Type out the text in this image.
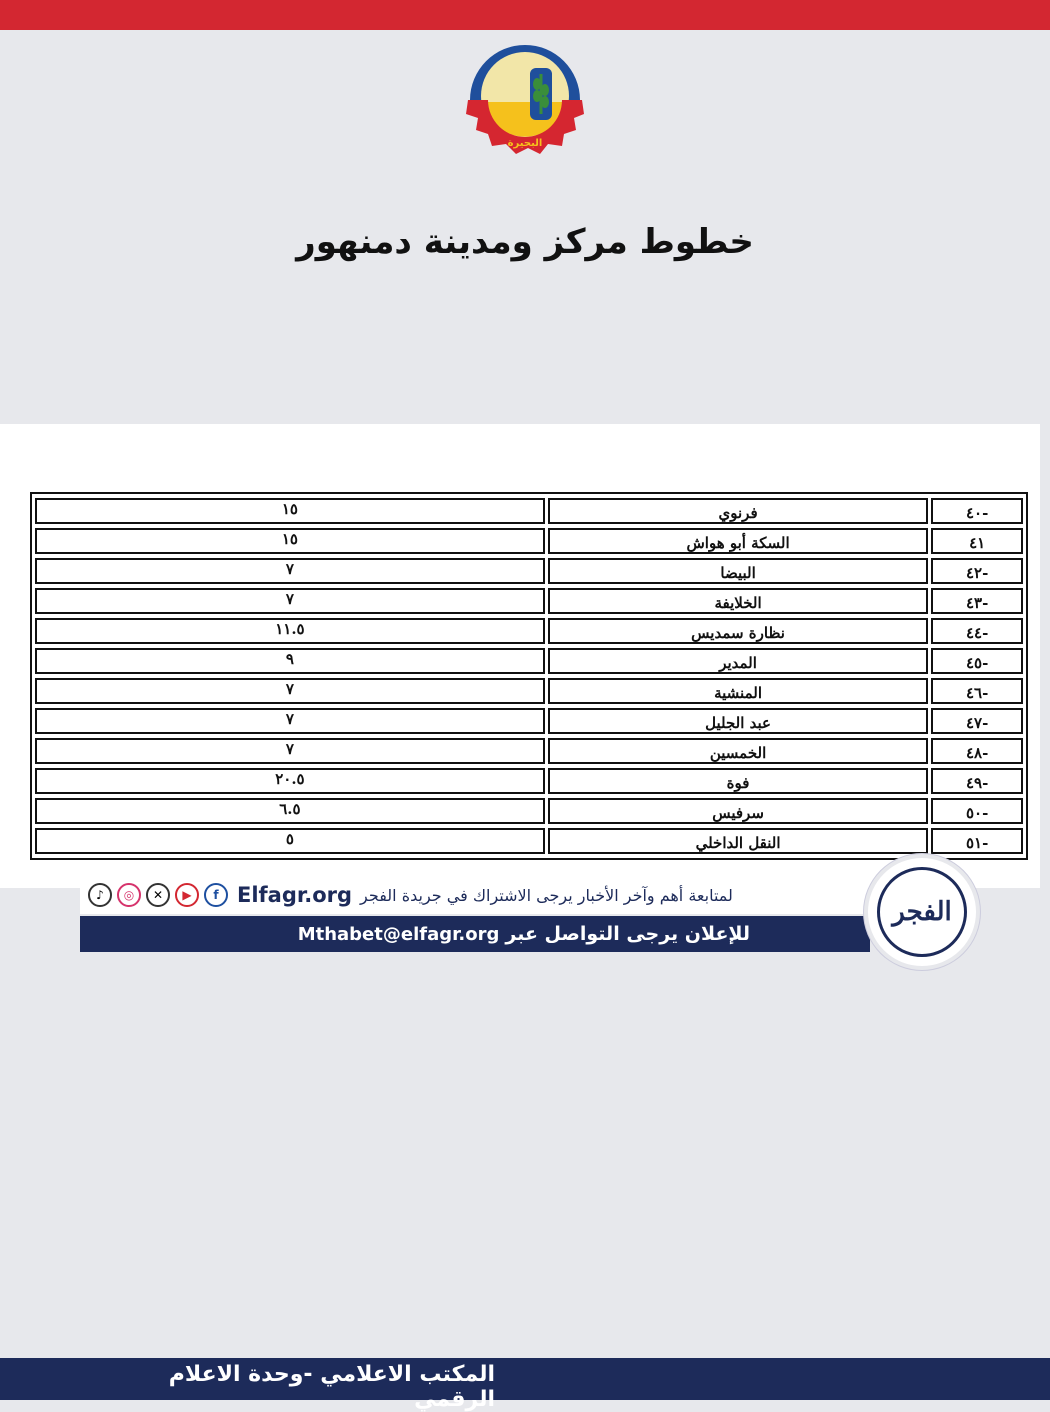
البحيرة
خطوط مركز ومدينة دمنهور
-٤٠	فرنوي	١٥
٤١	السكة أبو هواش	١٥
-٤٢	البيضا	٧
-٤٣	الخلايفة	٧
-٤٤	نظارة سمديس	١١.٥
-٤٥	المدير	٩
-٤٦	المنشية	٧
-٤٧	عبد الجليل	٧
-٤٨	الخمسين	٧
-٤٩	فوة	٢٠.٥
-٥٠	سرفيس	٦.٥
-٥١	النقل الداخلي	٥
♪	◎	✕	▶	f Elfagr.org لمتابعة أهم وآخر الأخبار يرجى الاشتراك في جريدة الفجر
Mthabet@elfagr.org للإعلان يرجى التواصل عبر
الفجر
المكتب الاعلامي -وحدة الاعلام الرقمي
